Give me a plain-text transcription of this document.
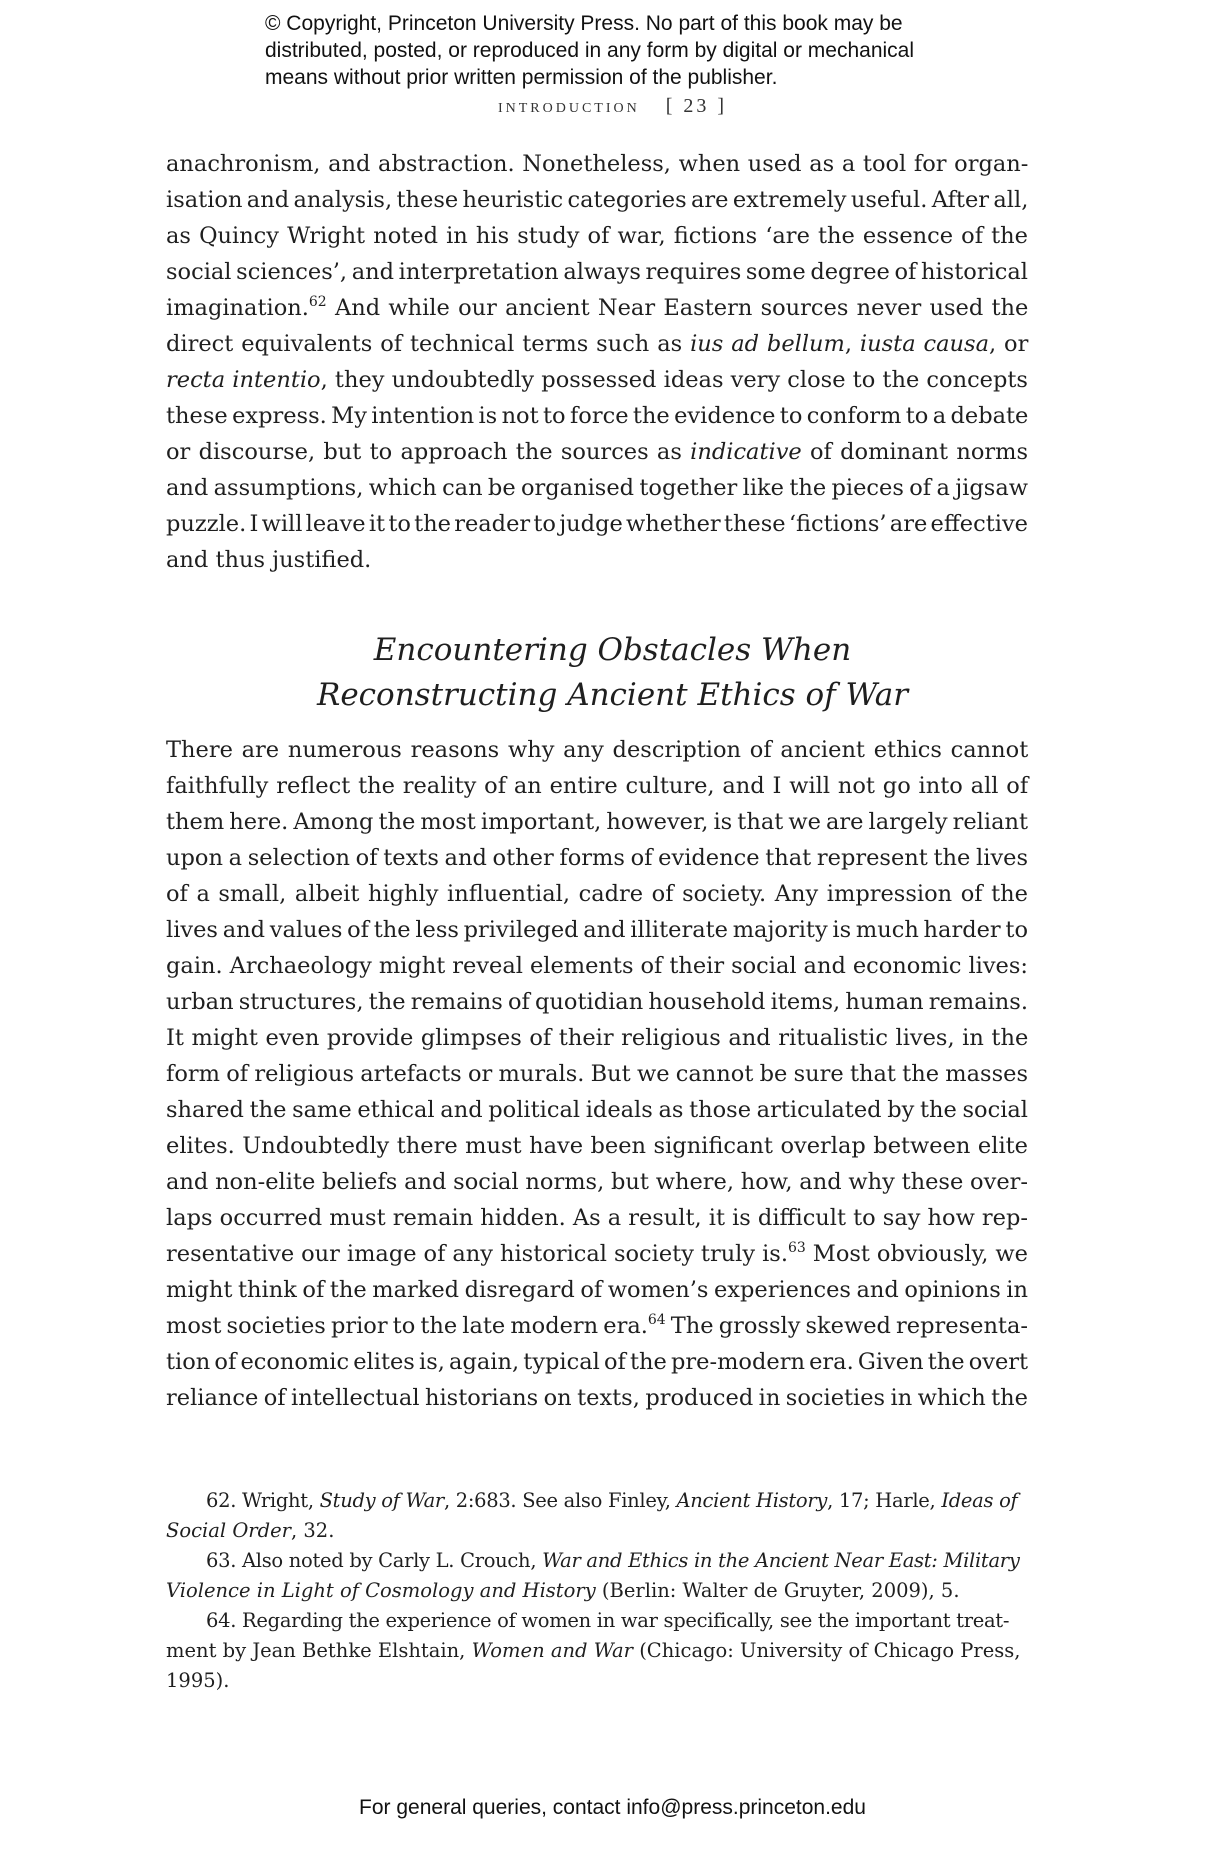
© Copyright, Princeton University Press. No part of this book may be
distributed, posted, or reproduced in any form by digital or mechanical
means without prior written permission of the publisher.
introduction [ 23 ]
anachronism, and abstraction. Nonetheless, when used as a tool for organ-
isation and analysis, these heuristic categories are extremely useful. After all,
as Quincy Wright noted in his study of war, fictions ‘are the essence of the
social sciences’, and interpretation always requires some degree of historical
imagination.$^{62}$ And while our ancient Near Eastern sources never used the
direct equivalents of technical terms such as ius ad bellum, iusta causa, or
recta intentio, they undoubtedly possessed ideas very close to the concepts
these express. My intention is not to force the evidence to conform to a debate
or discourse, but to approach the sources as indicative of dominant norms
and assumptions, which can be organised together like the pieces of a jigsaw
puzzle. I will leave it to the reader to judge whether these ‘fictions’ are effective
and thus justified.
Encountering Obstacles When
Reconstructing Ancient Ethics of War
There are numerous reasons why any description of ancient ethics cannot
faithfully reflect the reality of an entire culture, and I will not go into all of
them here. Among the most important, however, is that we are largely reliant
upon a selection of texts and other forms of evidence that represent the lives
of a small, albeit highly influential, cadre of society. Any impression of the
lives and values of the less privileged and illiterate majority is much harder to
gain. Archaeology might reveal elements of their social and economic lives:
urban structures, the remains of quotidian household items, human remains.
It might even provide glimpses of their religious and ritualistic lives, in the
form of religious artefacts or murals. But we cannot be sure that the masses
shared the same ethical and political ideals as those articulated by the social
elites. Undoubtedly there must have been significant overlap between elite
and non-elite beliefs and social norms, but where, how, and why these over-
laps occurred must remain hidden. As a result, it is difficult to say how rep-
resentative our image of any historical society truly is.$^{63}$ Most obviously, we
might think of the marked disregard of women’s experiences and opinions in
most societies prior to the late modern era.$^{64}$ The grossly skewed representa-
tion of economic elites is, again, typical of the pre-modern era. Given the overt
reliance of intellectual historians on texts, produced in societies in which the
62. Wright, Study of War, 2:683. See also Finley, Ancient History, 17; Harle, Ideas of
Social Order, 32.
63. Also noted by Carly L. Crouch, War and Ethics in the Ancient Near East: Military
Violence in Light of Cosmology and History (Berlin: Walter de Gruyter, 2009), 5.
64. Regarding the experience of women in war specifically, see the important treat-
ment by Jean Bethke Elshtain, Women and War (Chicago: University of Chicago Press,
1995).
For general queries, contact info@press.princeton.edu
